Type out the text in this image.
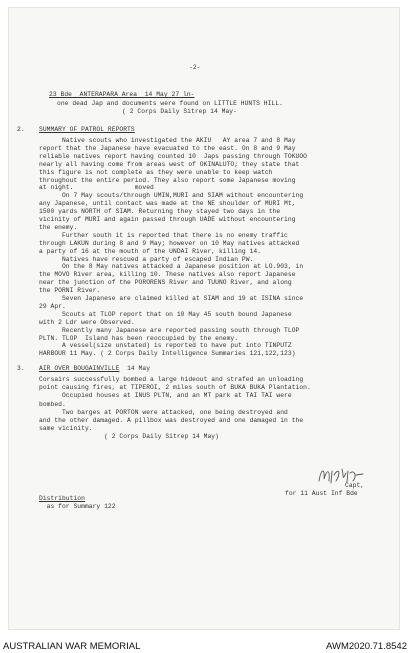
-2-
23 Bde  ANTERAPARA Area  14 May 27 ln-
one dead Jap and documents were found on LITTLE HUNTS HILL.
( 2 Corps Daily Sitrep 14 May-
2. SUMMARY OF PATROL REPORTS
Native scouts who investigated the AKIU   AY area 7 and 8 May
report that the Japanese have evacuated to the east. On 8 and 9 May
reliable natives report having counted 10  Japs passing through TOKUOO
nearly all having come from areas west of OKINALUTO; they state that
this figure is not complete as they were unable to keep watch
throughout the entire period. They also report some Japanese moving
at night.                moved
On 7 May scouts/through UMIN,MURI and SIAM without encountering
any Japanese, until contact was made at the NE shoulder of MURI Mt,
1500 yards NORTH of SIAM. Returning they stayed two days in the
vicinity of MURI and again passed through UADE without encountering
the enemy.
Further south it is reported that there is no enemy traffic
through LAKUN during 8 and 9 May; however on 10 May natives attacked
a party of 16 at the mouth of the UNDAI River, killing 14.
Natives have rescued a party of escaped Indian PW.
On the 8 May natives attacked a Japanese position at LO.903, in
the MOVO River area, killing 10. These natives also report Japanese
near the junction of the PORORENS River and TUUNO River, and along
the PORNI River.
Seven Japanese are claimed killed at SIAM and 19 at ISINA since
29 Apr.
Scouts at TLOP report that on 10 May 45 south bound Japanese
with 2 Ldr were Observed.
Recently many Japanese are reported passing south through TLOP
PLTN. TLOP  Island has been reoccupied by the enemy.
A vessel(size unstated) is reported to have put into TINPUTZ
HARBOUR 11 May. ( 2 Corps Daily Intelligence Summaries 121,122,123)
3. AIR OVER BOUGAINVILLE  14 May
Corsairs successfully bombed a large hideout and strafed an unloading
point causing fires, at TIPEROI, 2 miles south of BUKA BUKA Plantation.
Occupied houses at INUS PLTN, and an MT park at TAI TAI were
bombed.
Two barges at PORTON were attacked, one being destroyed and
and the other damaged. A pillbox was destroyed and one damaged in the
same vicinity.
( 2 Corps Daily Sitrep 14 May)
Capt,
for 11 Aust Inf Bde
Distribution
as for Summary 122
AUSTRALIAN WAR MEMORIAL	AWM2020.71.8542
